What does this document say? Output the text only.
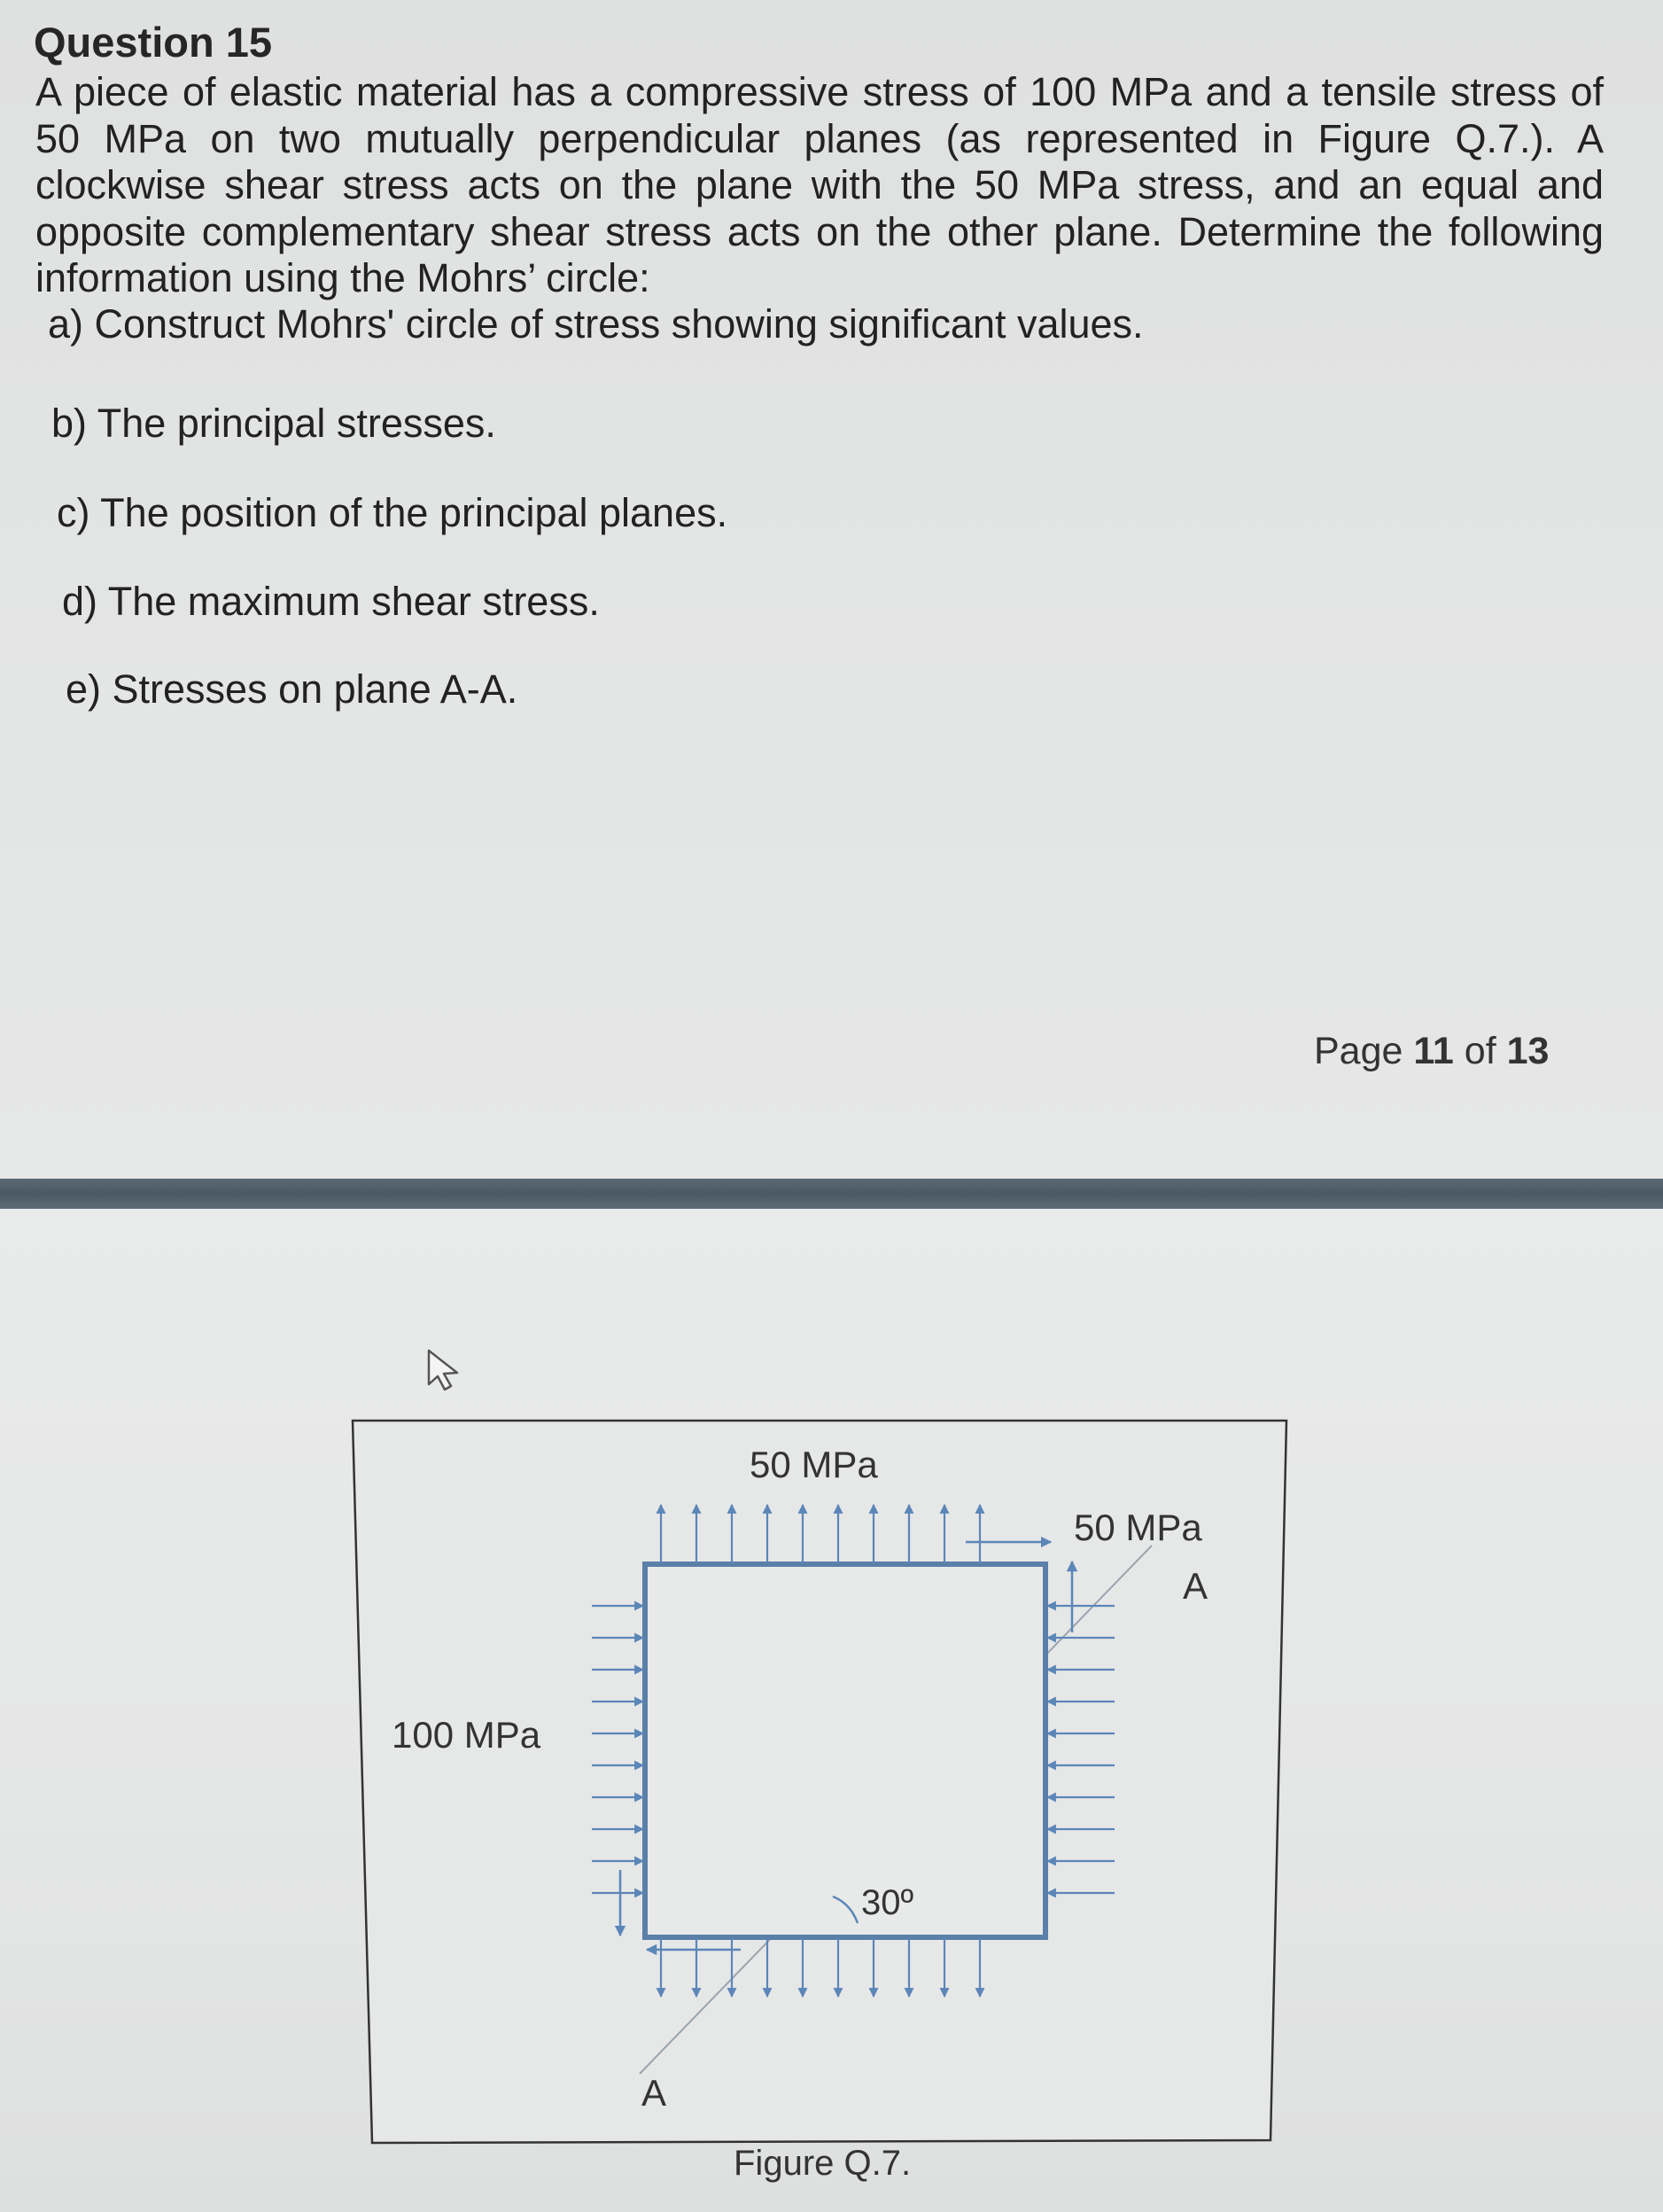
Question 15
A piece of elastic material has a compressive stress of 100 MPa and a tensile stress of 50 MPa on two mutually perpendicular planes (as represented in Figure Q.7.). A clockwise shear stress acts on the plane with the 50 MPa stress, and an equal and opposite complementary shear stress acts on the other plane. Determine the following information using the Mohrs’ circle:
a) Construct Mohrs' circle of stress showing significant values.
b) The principal stresses.
c) The position of the principal planes.
d) The maximum shear stress.
e) Stresses on plane A-A.
Page 11 of 13
50 MPa
50 MPa
A
100 MPa
30º
A
Figure Q.7.
